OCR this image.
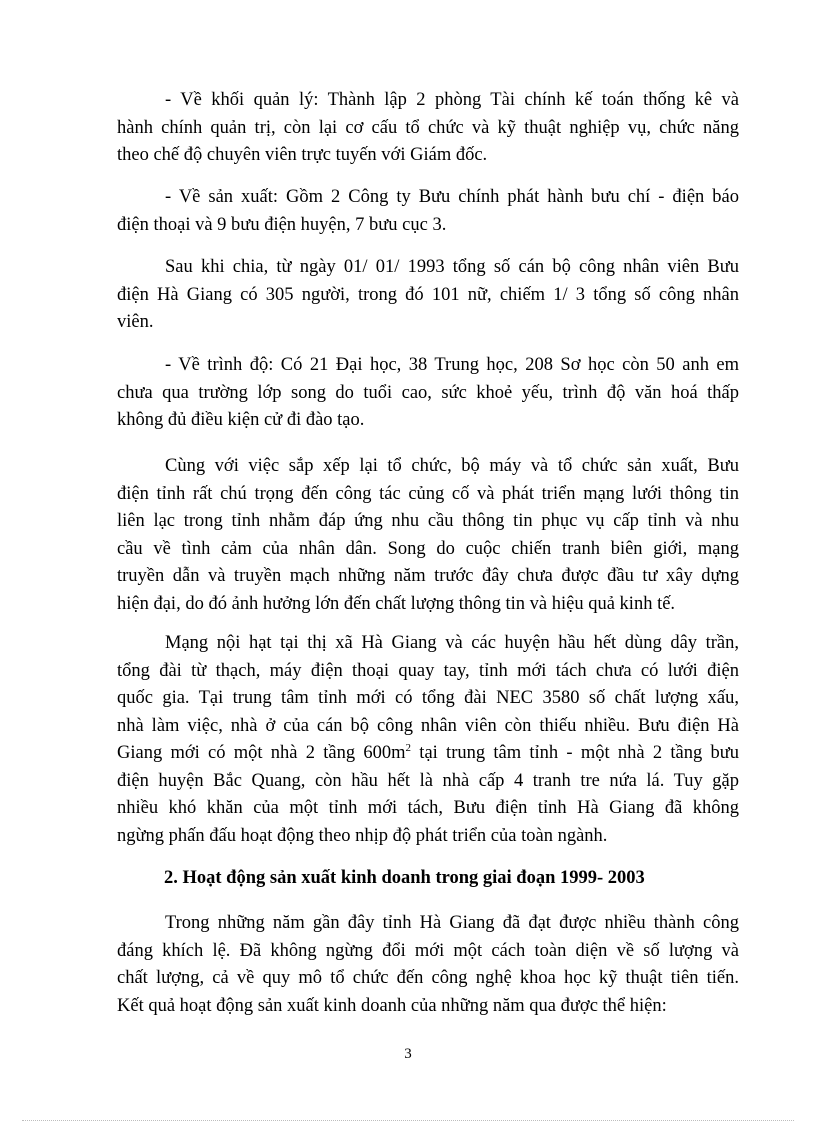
- Về khối quản lý: Thành lập 2 phòng Tài chính kế toán thống kê và
hành chính quản trị, còn lại cơ cấu tổ chức và kỹ thuật nghiệp vụ, chức năng
theo chế độ chuyên viên trực tuyến với Giám đốc.

- Về sản xuất: Gồm 2 Công ty Bưu chính phát hành bưu chí - điện báo
điện thoại và 9 bưu điện huyện, 7 bưu cục 3.

Sau khi chia, từ ngày 01/ 01/ 1993 tổng số cán bộ công nhân viên Bưu
điện Hà Giang có 305 người, trong đó 101 nữ, chiếm 1/ 3 tổng số công nhân
viên.

- Về trình độ: Có 21 Đại học, 38 Trung học, 208 Sơ học còn 50 anh em
chưa qua trường lớp song do tuổi cao, sức khoẻ yếu, trình độ văn hoá thấp
không đủ điều kiện cử đi đào tạo.

Cùng với việc sắp xếp lại tổ chức, bộ máy và tổ chức sản xuất, Bưu
điện tỉnh rất chú trọng đến công tác củng cố và phát triển mạng lưới thông tin
liên lạc trong tỉnh nhằm đáp ứng nhu cầu thông tin phục vụ cấp tỉnh và nhu
cầu về tình cảm của nhân dân. Song do cuộc chiến tranh biên giới, mạng
truyền dẫn và truyền mạch những năm trước đây chưa được đầu tư xây dựng
hiện đại, do đó ảnh hưởng lớn đến chất lượng thông tin và hiệu quả kinh tế.

Mạng nội hạt tại thị xã Hà Giang và các huyện hầu hết dùng dây trần,
tổng đài từ thạch, máy điện thoại quay tay, tỉnh mới tách chưa có lưới điện
quốc gia. Tại trung tâm tỉnh mới có tổng đài NEC 3580 số chất lượng xấu,
nhà làm việc, nhà ở của cán bộ công nhân viên còn thiếu nhiều. Bưu điện Hà
Giang mới có một nhà 2 tầng $600m^2$ tại trung tâm tỉnh - một nhà 2 tầng bưu
điện huyện Bắc Quang, còn hầu hết là nhà cấp 4 tranh tre nứa lá. Tuy gặp
nhiều khó khăn của một tỉnh mới tách, Bưu điện tỉnh Hà Giang đã không
ngừng phấn đấu hoạt động theo nhịp độ phát triển của toàn ngành.

2. Hoạt động sản xuất kinh doanh trong giai đoạn 1999- 2003

Trong những năm gần đây tỉnh Hà Giang đã đạt được nhiều thành công
đáng khích lệ. Đã không ngừng đổi mới một cách toàn diện về số lượng và
chất lượng, cả về quy mô tổ chức đến công nghệ khoa học kỹ thuật tiên tiến.
Kết quả hoạt động sản xuất kinh doanh của những năm qua được thể hiện:

3
